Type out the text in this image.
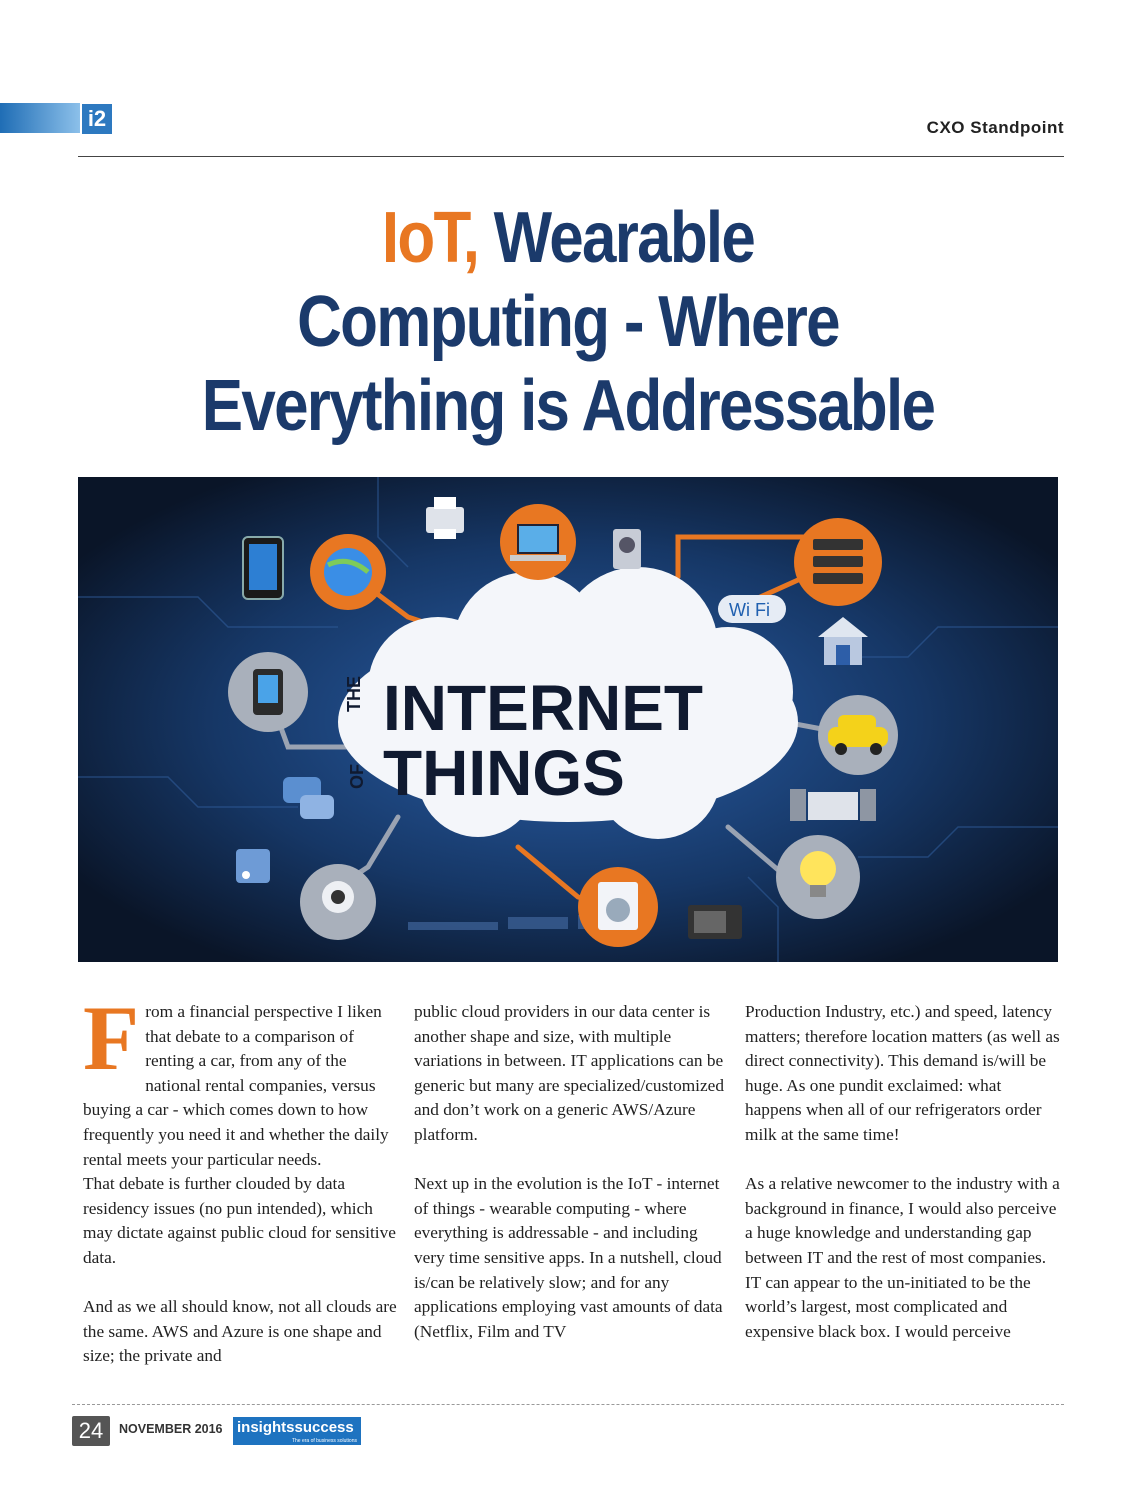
i2	CXO Standpoint
IoT, Wearable
Computing - Where
Everything is Addressable
THE
OF
INTERNET
THINGS
Wi Fi

From a financial perspective I liken that debate to a comparison of renting a car, from any of the national rental companies, versus buying a car - which comes down to how frequently you need it and whether the daily rental meets your particular needs.

That debate is further clouded by data residency issues (no pun intended), which may dictate against public cloud for sensitive data.

And as we all should know, not all clouds are the same. AWS and Azure is one shape and size; the private and

public cloud providers in our data center is another shape and size, with multiple variations in between. IT applications can be generic but many are specialized/customized and don’t work on a generic AWS/Azure platform.

Next up in the evolution is the IoT - internet of things - wearable computing - where everything is addressable - and including very time sensitive apps. In a nutshell, cloud is/can be relatively slow; and for any applications employing vast amounts of data (Netflix, Film and TV

Production Industry, etc.) and speed, latency matters; therefore location matters (as well as direct connectivity). This demand is/will be huge. As one pundit exclaimed: what happens when all of our refrigerators order milk at the same time!

As a relative newcomer to the industry with a background in finance, I would also perceive a huge knowledge and understanding gap between IT and the rest of most companies. IT can appear to the un-initiated to be the world’s largest, most complicated and expensive black box. I would perceive

24	NOVEMBER 2016 insightssuccess
The era of business solutions
